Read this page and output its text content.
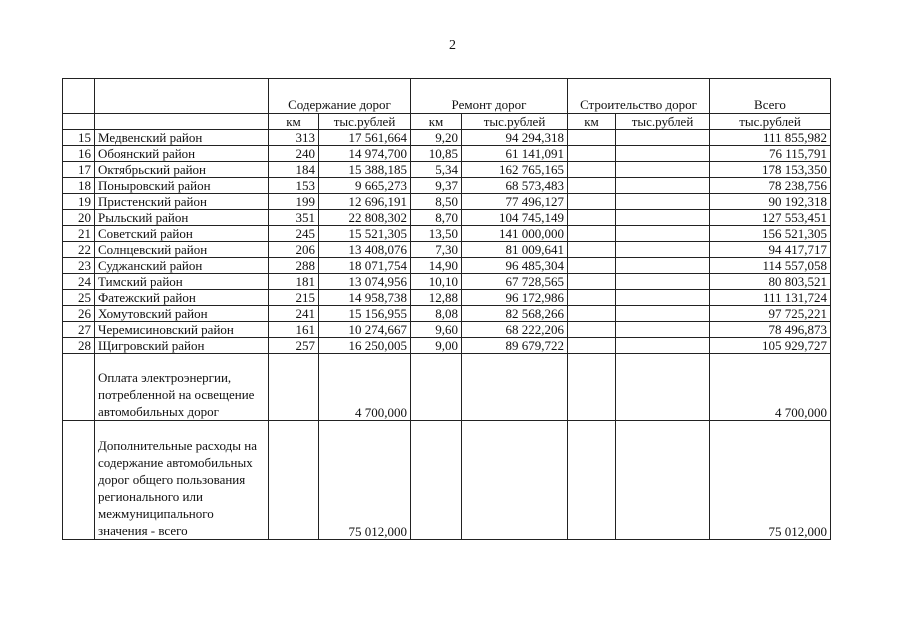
2
		Содержание дорог		Ремонт дорог		Строительство дорог		Всего
		км	тыс.рублей	км	тыс.рублей	км	тыс.рублей	тыс.рублей
15	Медвенский район	313	17 561,664	9,20	94 294,318			111 855,982
16	Обоянский район	240	14 974,700	10,85	61 141,091			76 115,791
17	Октябрьский район	184	15 388,185	5,34	162 765,165			178 153,350
18	Поныровский район	153	9 665,273	9,37	68 573,483			78 238,756
19	Пристенский район	199	12 696,191	8,50	77 496,127			90 192,318
20	Рыльский район	351	22 808,302	8,70	104 745,149			127 553,451
21	Советский район	245	15 521,305	13,50	141 000,000			156 521,305
22	Солнцевский район	206	13 408,076	7,30	81 009,641			94 417,717
23	Суджанский район	288	18 071,754	14,90	96 485,304			114 557,058
24	Тимский район	181	13 074,956	10,10	67 728,565			80 803,521
25	Фатежский район	215	14 958,738	12,88	96 172,986			111 131,724
26	Хомутовский район	241	15 156,955	8,08	82 568,266			97 725,221
27	Черемисиновский район	161	10 274,667	9,60	68 222,206			78 496,873
28	Щигровский район	257	16 250,005	9,00	89 679,722			105 929,727
	Оплата электроэнергии, потребленной на освещение автомобильных дорог		4 700,000					4 700,000
	Дополнительные расходы на содержание автомобильных дорог общего пользования регионального или межмуниципального значения - всего		75 012,000					75 012,000
